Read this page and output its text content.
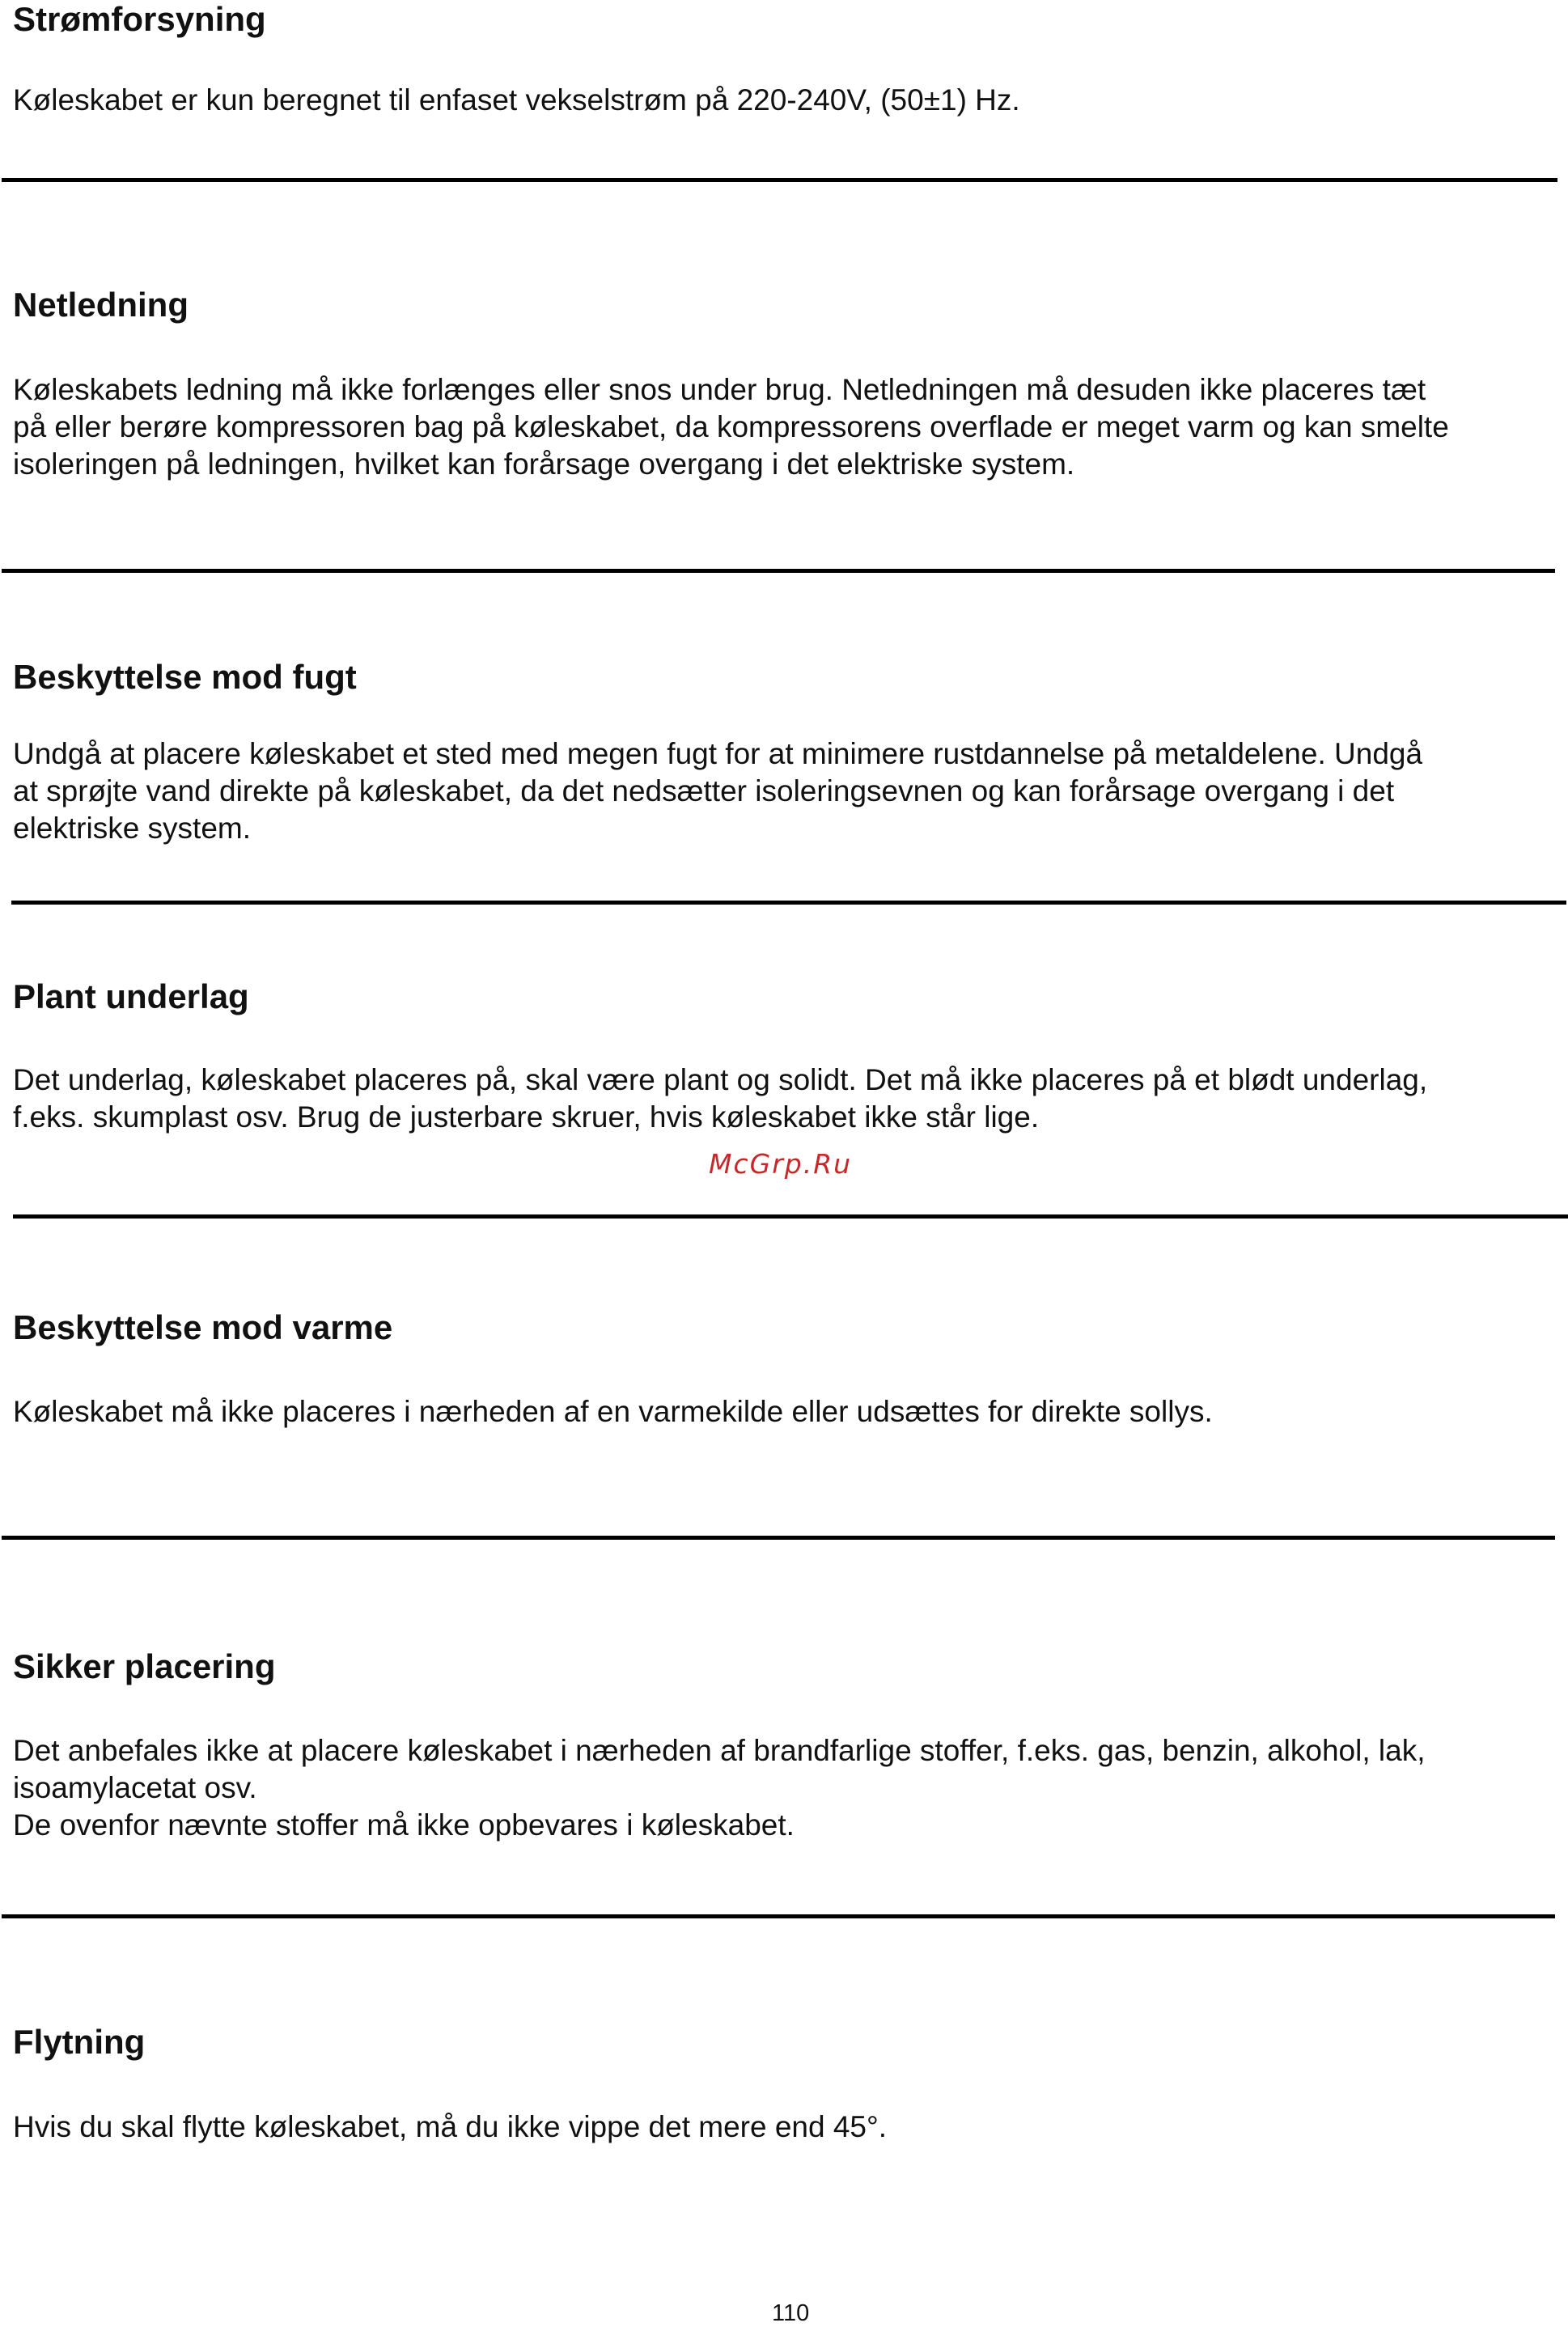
Strømforsyning
Køleskabet er kun beregnet til enfaset vekselstrøm på 220-240V, (50±1) Hz.
Netledning
Køleskabets ledning må ikke forlænges eller snos under brug. Netledningen må desuden ikke placeres tæt
på eller berøre kompressoren bag på køleskabet, da kompressorens overflade er meget varm og kan smelte
isoleringen på ledningen, hvilket kan forårsage overgang i det elektriske system.
Beskyttelse mod fugt
Undgå at placere køleskabet et sted med megen fugt for at minimere rustdannelse på metaldelene. Undgå
at sprøjte vand direkte på køleskabet, da det nedsætter isoleringsevnen og kan forårsage overgang i det
elektriske system.
Plant underlag
Det underlag, køleskabet placeres på, skal være plant og solidt. Det må ikke placeres på et blødt underlag,
f.eks. skumplast osv. Brug de justerbare skruer, hvis køleskabet ikke står lige.
McGrp.Ru
Beskyttelse mod varme
Køleskabet må ikke placeres i nærheden af en varmekilde eller udsættes for direkte sollys.
Sikker placering
Det anbefales ikke at placere køleskabet i nærheden af brandfarlige stoffer, f.eks. gas, benzin, alkohol, lak,
isoamylacetat osv.
De ovenfor nævnte stoffer må ikke opbevares i køleskabet.
Flytning
Hvis du skal flytte køleskabet, må du ikke vippe det mere end 45°.
110
